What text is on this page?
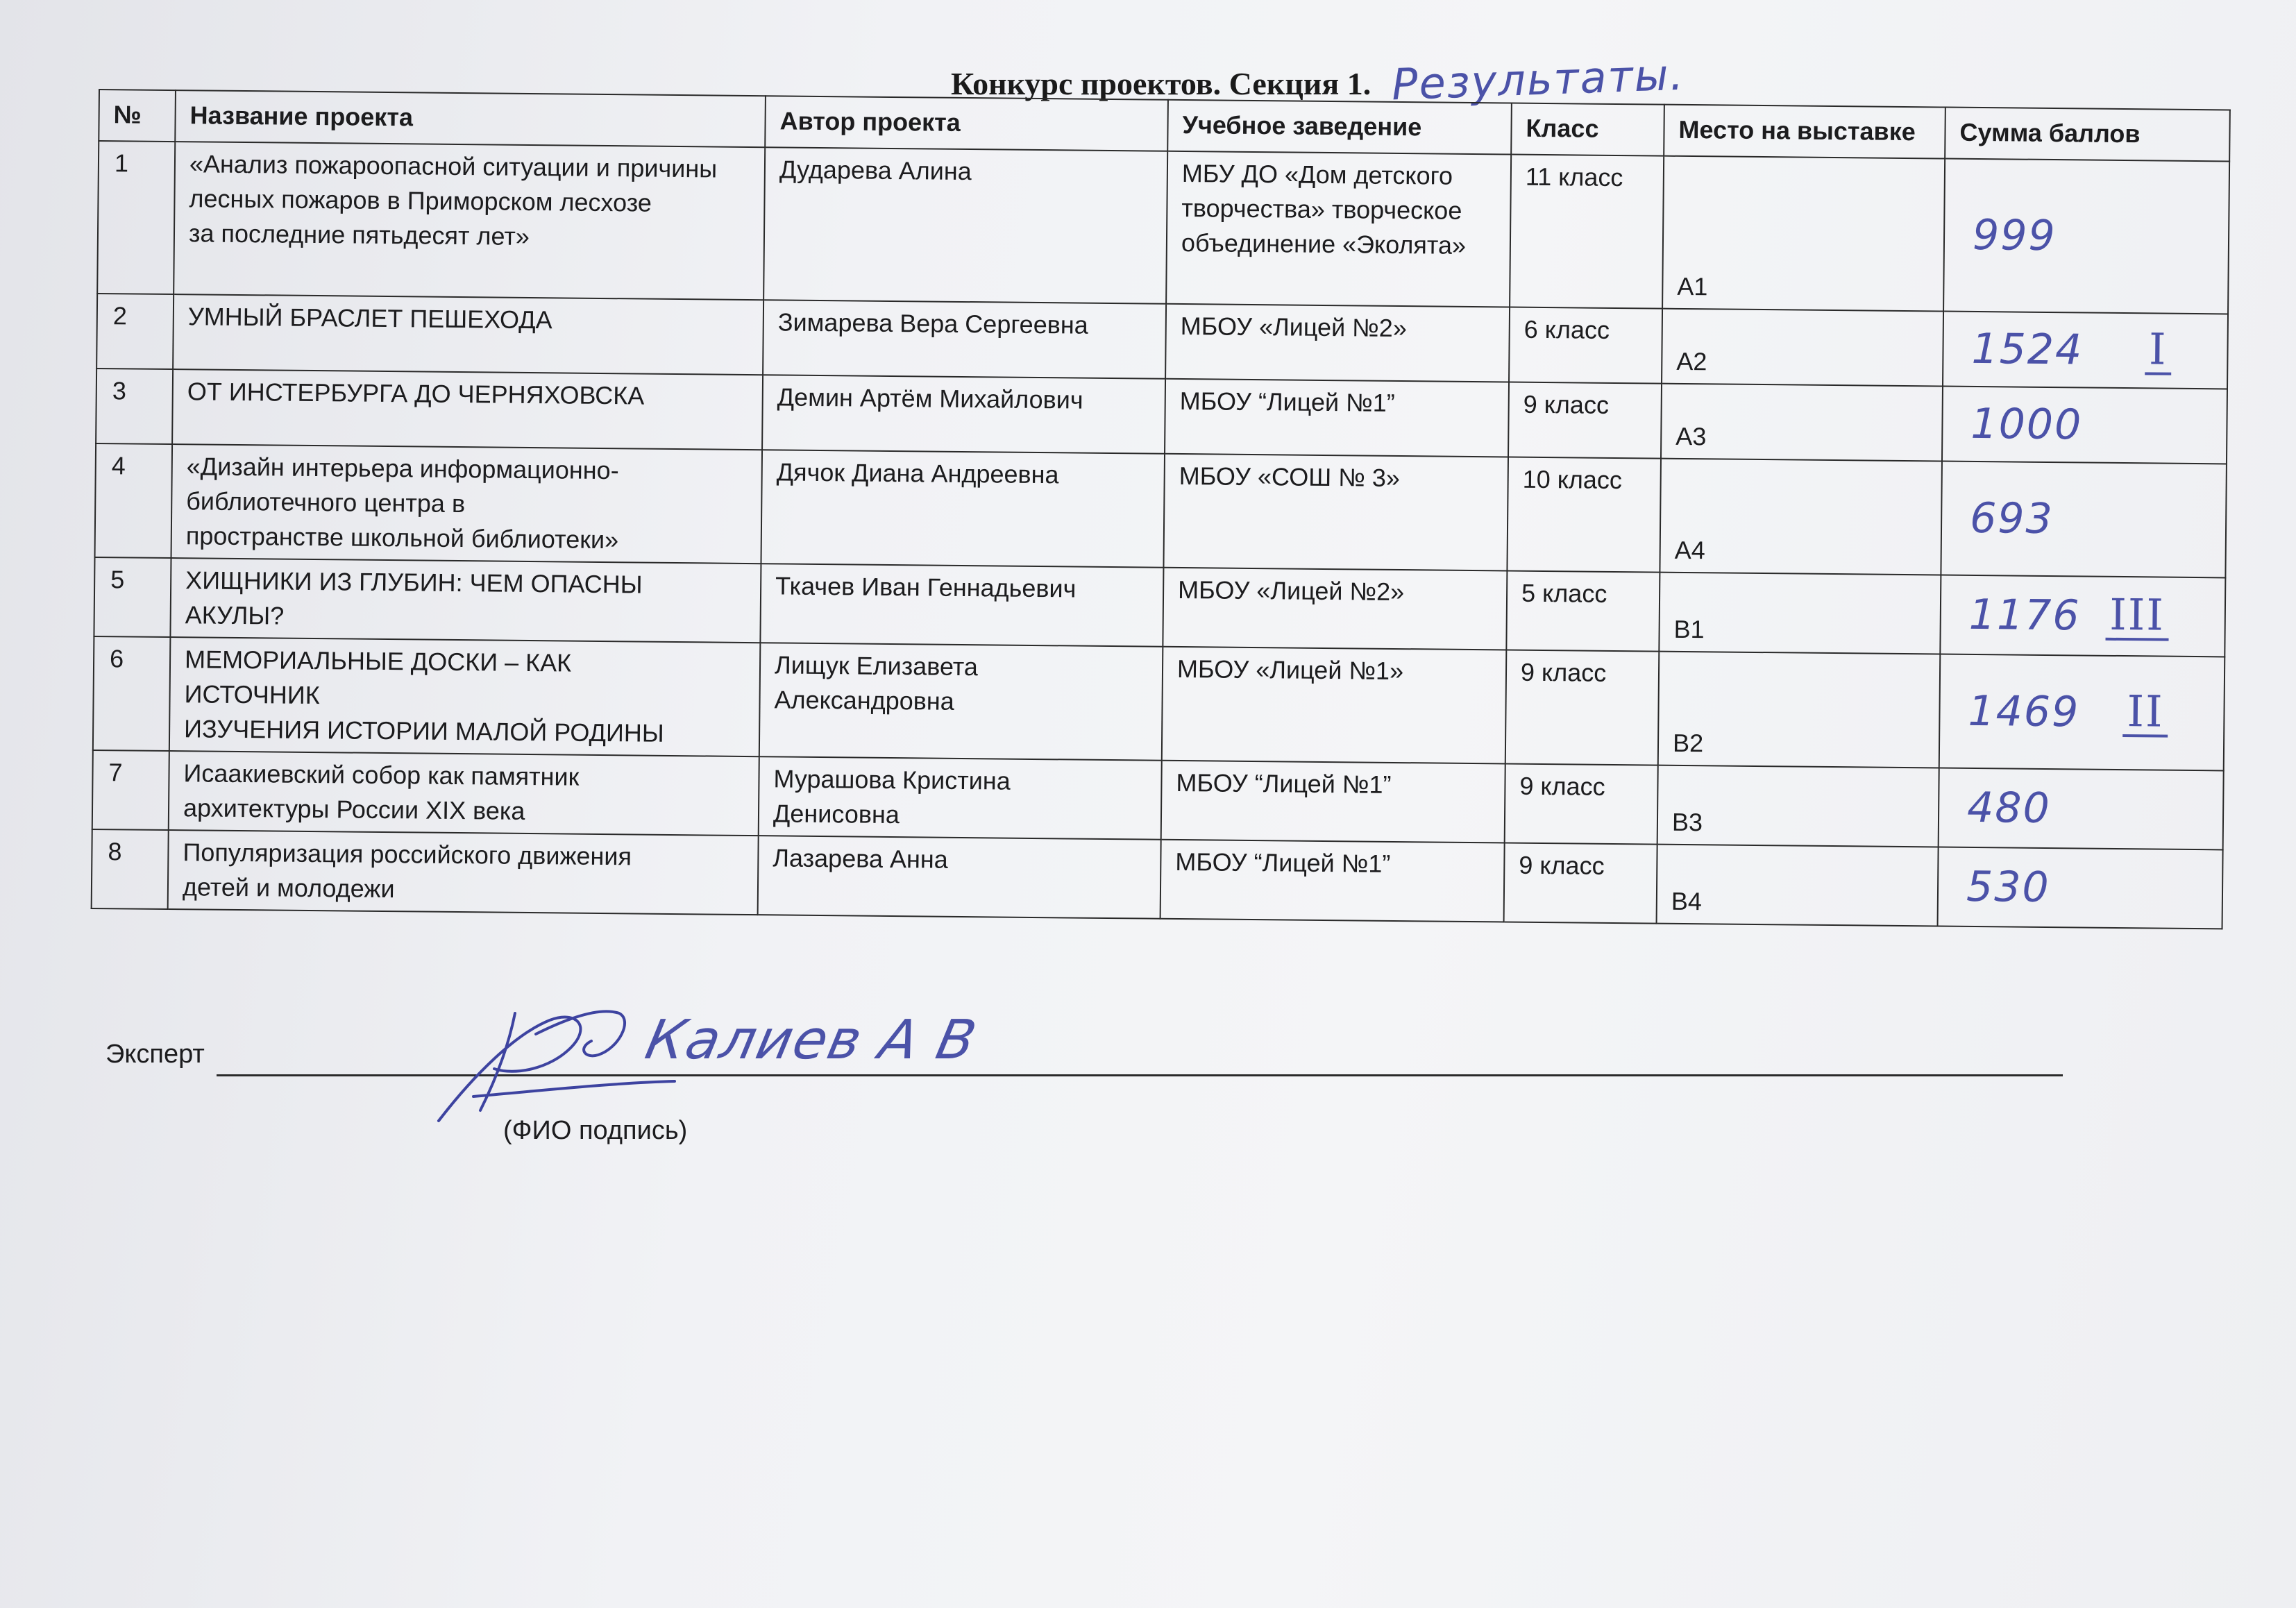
Конкурс проектов. Секция 1. Результаты.
№	Название проекта	Автор проекта	Учебное заведение	Класс	Место на выставке	Сумма баллов
1	«Анализ пожароопасной ситуации и причины
лесных пожаров в Приморском лесхозе
за последние пятьдесят лет»	Дударева Алина	МБУ ДО «Дом детского творчества» творческое объединение «Эколята»	11 класс	А1	999

2	УМНЫЙ БРАСЛЕТ ПЕШЕХОДА	Зимарева Вера Сергеевна	МБОУ «Лицей №2»	6 класс	А2	1524 I

3	ОТ ИНСТЕРБУРГА ДО ЧЕРНЯХОВСКА	Демин Артём Михайлович	МБОУ “Лицей №1”	9 класс	А3	1000

4	«Дизайн интерьера информационно-
библиотечного центра в
пространстве школьной библиотеки»	Дячок Диана Андреевна	МБОУ «СОШ № 3»	10 класс	А4	693

5	ХИЩНИКИ ИЗ ГЛУБИН: ЧЕМ ОПАСНЫ
АКУЛЫ?	Ткачев Иван Геннадьевич	МБОУ «Лицей №2»	5 класс	В1	1176 III

6	МЕМОРИАЛЬНЫЕ ДОСКИ – КАК
ИСТОЧНИК
ИЗУЧЕНИЯ ИСТОРИИ МАЛОЙ РОДИНЫ	Лищук Елизавета
Александровна	МБОУ «Лицей №1»	9 класс	В2	1469 II

7	Исаакиевский собор как памятник
архитектуры России XIX века	Мурашова Кристина
Денисовна	МБОУ “Лицей №1”	9 класс	В3	480

8	Популяризация российского движения
детей и молодежи	Лазарева Анна	МБОУ “Лицей №1”	9 класс	В4	530
Эксперт	Калиев А В
(ФИО подпись)
